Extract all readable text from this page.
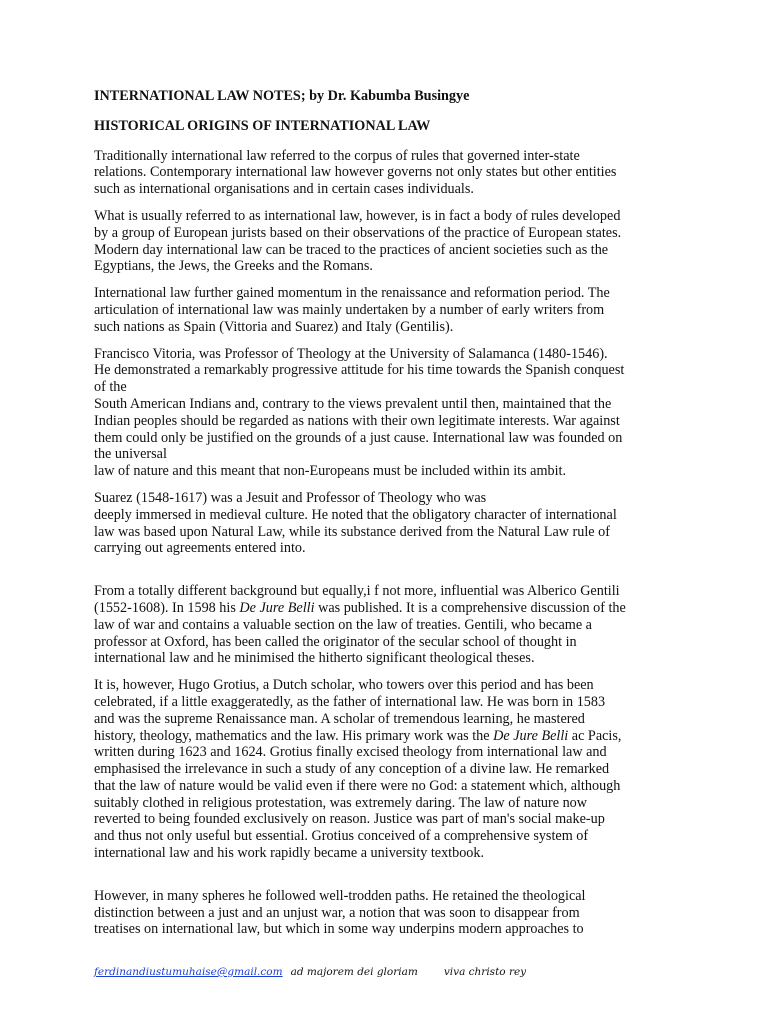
INTERNATIONAL LAW NOTES; by Dr. Kabumba Busingye

HISTORICAL ORIGINS OF INTERNATIONAL LAW

Traditionally international law referred to the corpus of rules that governed inter-state
relations. Contemporary international law however governs not only states but other entities
such as international organisations and in certain cases individuals.
What is usually referred to as international law, however, is in fact a body of rules developed
by a group of European jurists based on their observations of the practice of European states.
Modern day international law can be traced to the practices of ancient societies such as the
Egyptians, the Jews, the Greeks and the Romans.
International law further gained momentum in the renaissance and reformation period. The
articulation of international law was mainly undertaken by a number of early writers from
such nations as Spain (Vittoria and Suarez) and Italy (Gentilis).
Francisco Vitoria, was Professor of Theology at the University of Salamanca (1480-1546).
He demonstrated a remarkably progressive attitude for his time towards the Spanish conquest
of the
South American Indians and, contrary to the views prevalent until then, maintained that the
Indian peoples should be regarded as nations with their own legitimate interests. War against
them could only be justified on the grounds of a just cause. International law was founded on
the universal
law of nature and this meant that non-Europeans must be included within its ambit.
Suarez (1548-1617) was a Jesuit and Professor of Theology who was
deeply immersed in medieval culture. He noted that the obligatory character of international
law was based upon Natural Law, while its substance derived from the Natural Law rule of
carrying out agreements entered into.
From a totally different background but equally,i f not more, influential was Alberico Gentili
(1552-1608). In 1598 his De Jure Belli was published. It is a comprehensive discussion of the
law of war and contains a valuable section on the law of treaties. Gentili, who became a
professor at Oxford, has been called the originator of the secular school of thought in
international law and he minimised the hitherto significant theological theses.
It is, however, Hugo Grotius, a Dutch scholar, who towers over this period and has been
celebrated, if a little exaggeratedly, as the father of international law. He was born in 1583
and was the supreme Renaissance man. A scholar of tremendous learning, he mastered
history, theology, mathematics and the law. His primary work was the De Jure Belli ac Pacis,
written during 1623 and 1624. Grotius finally excised theology from international law and
emphasised the irrelevance in such a study of any conception of a divine law. He remarked
that the law of nature would be valid even if there were no God: a statement which, although
suitably clothed in religious protestation, was extremely daring. The law of nature now
reverted to being founded exclusively on reason. Justice was part of man's social make-up
and thus not only useful but essential. Grotius conceived of a comprehensive system of
international law and his work rapidly became a university textbook.
However, in many spheres he followed well-trodden paths. He retained the theological
distinction between a just and an unjust war, a notion that was soon to disappear from
treatises on international law, but which in some way underpins modern approaches to
ferdinandiustumuhaise@gmail.com ad majorem dei gloriam viva christo rey
